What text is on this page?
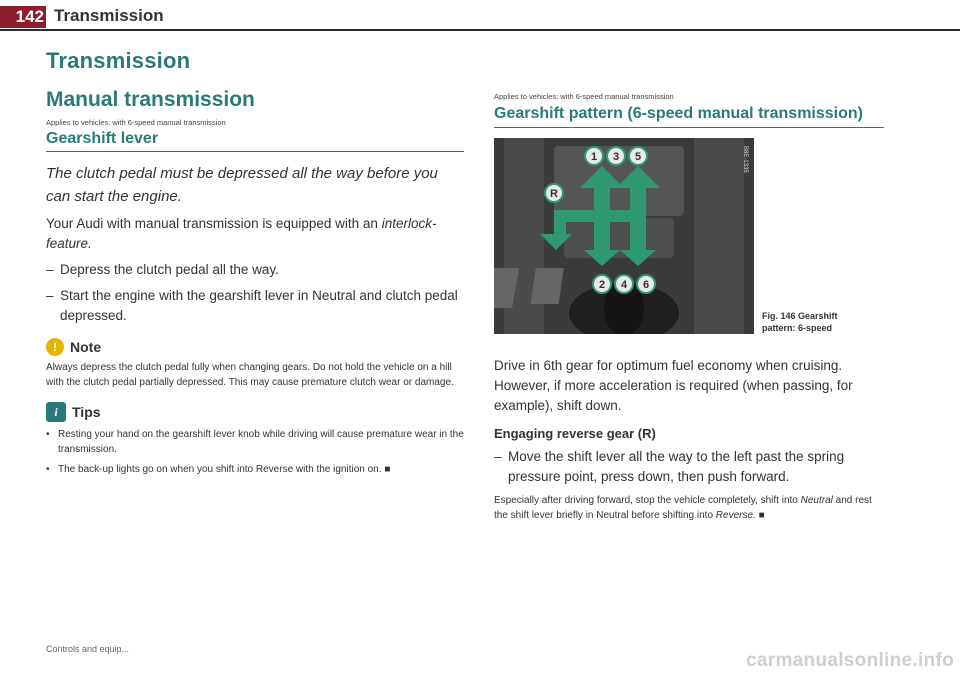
142 Transmission
Transmission
Manual transmission
Applies to vehicles: with 6-speed manual transmission
Gearshift lever
The clutch pedal must be depressed all the way before you can start the engine.

Your Audi with manual transmission is equipped with an interlock-feature.

– Depress the clutch pedal all the way.
– Start the engine with the gearshift lever in Neutral and clutch pedal depressed.
! Note

Always depress the clutch pedal fully when changing gears. Do not hold the vehicle on a hill with the clutch pedal partially depressed. This may cause premature clutch wear or damage.

i	Tips
• Resting your hand on the gearshift lever knob while driving will cause premature wear in the transmission.
• The back-up lights go on when you shift into Reverse with the ignition on. ■
Applies to vehicles: with 6-speed manual transmission
Gearshift pattern (6-speed manual transmission)
1 3 5
R
2 4 6
B8E-1335
Fig. 146 Gearshift
pattern: 6-speed

Drive in 6th gear for optimum fuel economy when cruising. However, if more acceleration is required (when passing, for example), shift down.

Engaging reverse gear (R)
– Move the shift lever all the way to the left past the spring pressure point, press down, then push forward.

Especially after driving forward, stop the vehicle completely, shift into Neutral and rest the shift lever briefly in Neutral before shifting into Reverse. ■

Controls and equip...
carmanualsonline.info
